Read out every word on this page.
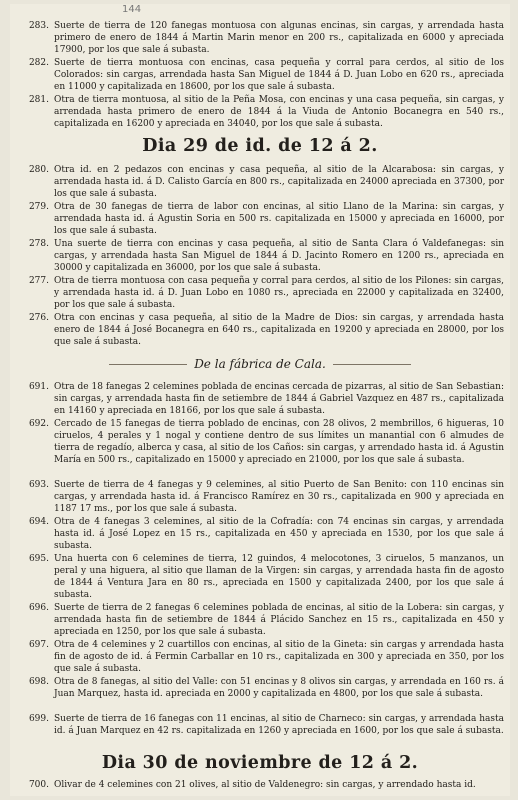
144
283. Suerte de tierra de 120 fanegas montuosa con algunas encinas, sin cargas, y arrendada hasta primero de enero de 1844 á Martin Marin menor en 200 rs., capitalizada en 6000 y apreciada 17900, por los que sale á subasta.
282. Suerte de tierra montuosa con encinas, casa pequeña y corral para cerdos, al sitio de los Colorados: sin cargas, arrendada hasta San Miguel de 1844 á D. Juan Lobo en 620 rs., apreciada en 11000 y capitalizada en 18600, por los que sale á subasta.
281. Otra de tierra montuosa, al sitio de la Peña Mosa, con encinas y una casa pequeña, sin cargas, y arrendada hasta primero de enero de 1844 á la Viuda de Antonio Bocanegra en 540 rs., capitalizada en 16200 y apreciada en 34040, por los que sale á subasta.
Dia 29 de id. de 12 á 2.
280. Otra id. en 2 pedazos con encinas y casa pequeña, al sitio de la Alcarabosa: sin cargas, y arrendada hasta id. á D. Calisto García en 800 rs., capitalizada en 24000 apreciada en 37300, por los que sale á subasta.
279. Otra de 30 fanegas de tierra de labor con encinas, al sitio Llano de la Marina: sin cargas, y arrendada hasta id. á Agustin Soria en 500 rs. capitalizada en 15000 y apreciada en 16000, por los que sale á subasta.
278. Una suerte de tierra con encinas y casa pequeña, al sitio de Santa Clara ó Valdefanegas: sin cargas, y arrendada hasta San Miguel de 1844 á D. Jacinto Romero en 1200 rs., apreciada en 30000 y capitalizada en 36000, por los que sale á subasta.
277. Otra de tierra montuosa con casa pequeña y corral para cerdos, al sitio de los Pilones: sin cargas, y arrendada hasta id. á D. Juan Lobo en 1080 rs., apreciada en 22000 y capitalizada en 32400, por los que sale á subasta.
276. Otra con encinas y casa pequeña, al sitio de la Madre de Dios: sin cargas, y arrendada hasta enero de 1844 á José Bocanegra en 640 rs., capitalizada en 19200 y apreciada en 28000, por los que sale á subasta.
De la fábrica de Cala.
691. Otra de 18 fanegas 2 celemines poblada de encinas cercada de pizarras, al sitio de San Sebastian: sin cargas, y arrendada hasta fin de setiembre de 1844 á Gabriel Vazquez en 487 rs., capitalizada en 14160 y apreciada en 18166, por los que sale á subasta.
692. Cercado de 15 fanegas de tierra poblado de encinas, con 28 olivos, 2 membrillos, 6 higueras, 10 ciruelos, 4 perales y 1 nogal y contiene dentro de sus límites un manantial con 6 almudes de tierra de regadío, alberca y casa, al sitio de los Caños: sin cargas, y arrendado hasta id. á Agustin María en 500 rs., capitalizado en 15000 y apreciado en 21000, por los que sale á subasta.
693. Suerte de tierra de 4 fanegas y 9 celemines, al sitio Puerto de San Benito: con 110 encinas sin cargas, y arrendada hasta id. á Francisco Ramírez en 30 rs., capitalizada en 900 y apreciada en 1187 17 ms., por los que sale á subasta.
694. Otra de 4 fanegas 3 celemines, al sitio de la Cofradía: con 74 encinas sin cargas, y arrendada hasta id. á José Lopez en 15 rs., capitalizada en 450 y apreciada en 1530, por los que sale á subasta.
695. Una huerta con 6 celemines de tierra, 12 guindos, 4 melocotones, 3 ciruelos, 5 manzanos, un peral y una higuera, al sitio que llaman de la Virgen: sin cargas, y arrendada hasta fin de agosto de 1844 á Ventura Jara en 80 rs., apreciada en 1500 y capitalizada 2400, por los que sale á subasta.
696. Suerte de tierra de 2 fanegas 6 celemines poblada de encinas, al sitio de la Lobera: sin cargas, y arrendada hasta fin de setiembre de 1844 á Plácido Sanchez en 15 rs., capitalizada en 450 y apreciada en 1250, por los que sale á subasta.
697. Otra de 4 celemines y 2 cuartillos con encinas, al sitio de la Gineta: sin cargas y arrendada hasta fin de agosto de id. á Fermin Carballar en 10 rs., capitalizada en 300 y apreciada en 350, por los que sale á subasta.
698. Otra de 8 fanegas, al sitio del Valle: con 51 encinas y 8 olivos sin cargas, y arrendada en 160 rs. á Juan Marquez, hasta id. apreciada en 2000 y capitalizada en 4800, por los que sale á subasta.
699. Suerte de tierra de 16 fanegas con 11 encinas, al sitio de Charneco: sin cargas, y arrendada hasta id. á Juan Marquez en 42 rs. capitalizada en 1260 y apreciada en 1600, por los que sale á subasta.
Dia 30 de noviembre de 12 á 2.
700. Olivar de 4 celemines con 21 olives, al sitio de Valdenegro: sin cargas, y arrendado hasta id.
